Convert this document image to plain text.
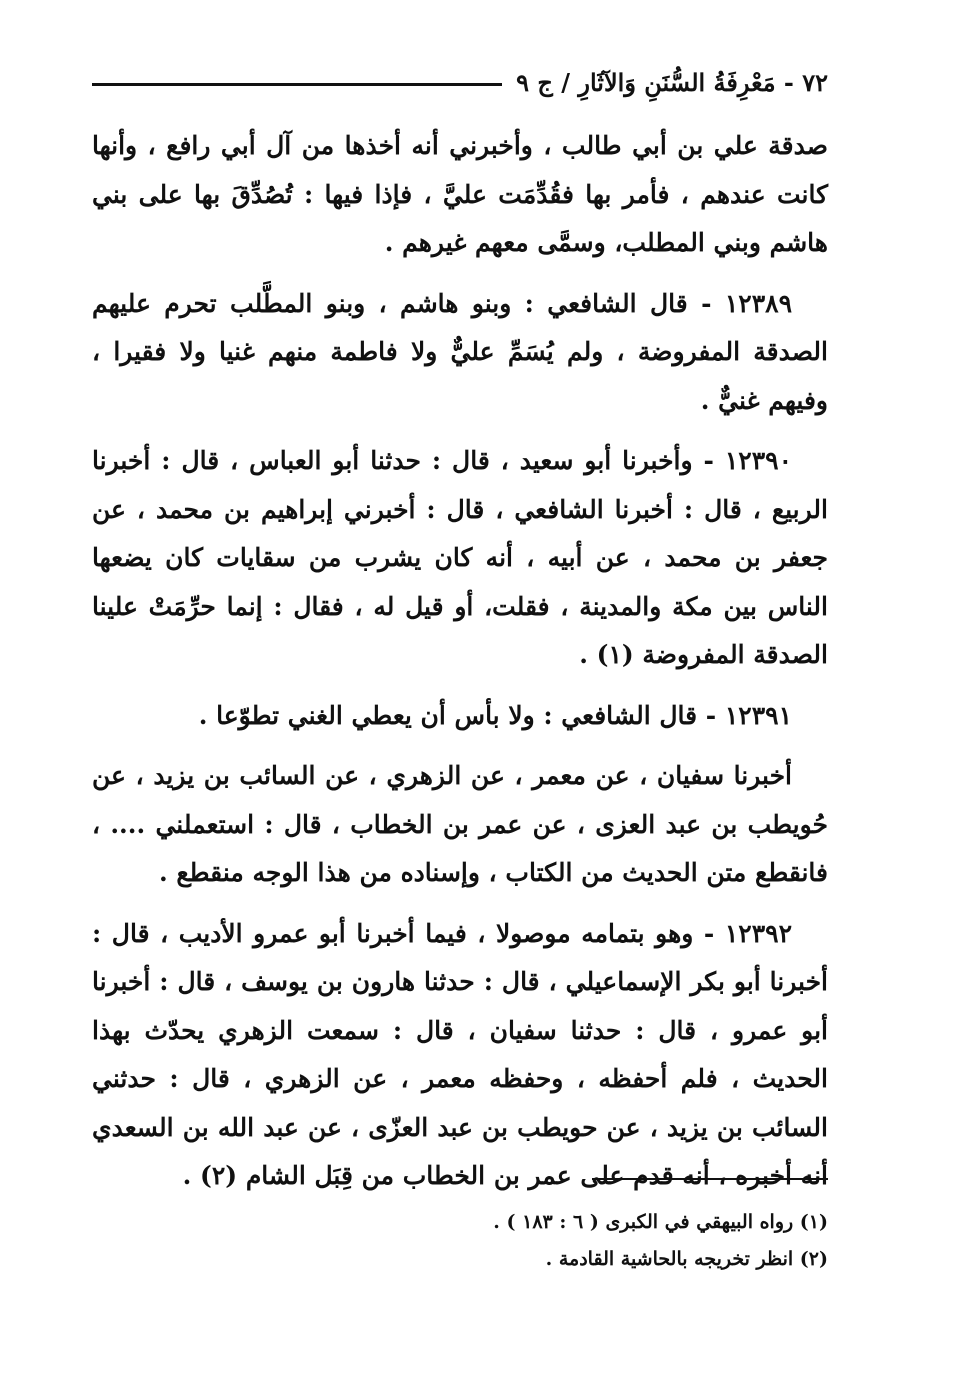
٧٢ - مَعْرِفَةُ السُّنَنِ وَالآثَارِ / ج ٩

صدقة علي بن أبي طالب ، وأخبرني أنه أخذها من آل أبي رافع ، وأنها كانت عندهم ، فأمر بها فقُدِّمَت عليَّ ، فإذا فيها : تُصُدِّقَ بها على بني هاشم وبني المطلب، وسمَّى معهم غيرهم .

١٢٣٨٩ - قال الشافعي : وبنو هاشم ، وبنو المطَّلب تحرم عليهم الصدقة المفروضة ، ولم يُسَمِّ عليٌّ ولا فاطمة منهم غنيا ولا فقيرا ، وفيهم غنيٌّ .

١٢٣٩٠ - وأخبرنا أبو سعيد ، قال : حدثنا أبو العباس ، قال : أخبرنا الربيع ، قال : أخبرنا الشافعي ، قال : أخبرني إبراهيم بن محمد ، عن جعفر بن محمد ، عن أبيه ، أنه كان يشرب من سقايات كان يضعها الناس بين مكة والمدينة ، فقلت، أو قيل له ، فقال : إنما حرِّمَتْ علينا الصدقة المفروضة (١) .

١٢٣٩١ - قال الشافعي : ولا بأس أن يعطي الغني تطوّعا .

أخبرنا سفيان ، عن معمر ، عن الزهري ، عن السائب بن يزيد ، عن حُويطب بن عبد العزى ، عن عمر بن الخطاب ، قال : استعملني .... ، فانقطع متن الحديث من الكتاب ، وإسناده من هذا الوجه منقطع .

١٢٣٩٢ - وهو بتمامه موصولا ، فيما أخبرنا أبو عمرو الأديب ، قال : أخبرنا أبو بكر الإسماعيلي ، قال : حدثنا هارون بن يوسف ، قال : أخبرنا أبو عمرو ، قال : حدثنا سفيان ، قال : سمعت الزهري يحدّث بهذا الحديث ، فلم أحفظه ، وحفظه معمر ، عن الزهري ، قال : حدثني السائب بن يزيد ، عن حويطب بن عبد العزّى ، عن عبد الله بن السعدي أنه أخبره ، أنه قدم على عمر بن الخطاب من قِبَل الشام (٢) .

(١) رواه البيهقي في الكبرى ( ٦ : ١٨٣ ) .
(٢) انظر تخريجه بالحاشية القادمة .
